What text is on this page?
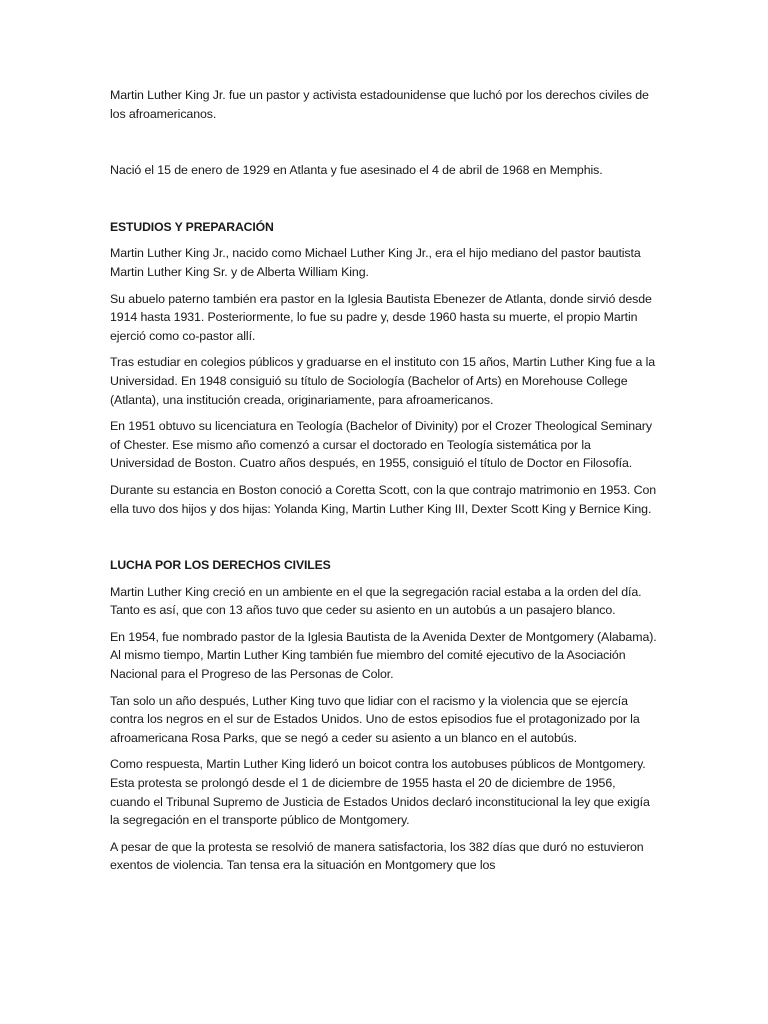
Martin Luther King Jr. fue un pastor y activista estadounidense que luchó por los derechos civiles de los afroamericanos.

Nació el 15 de enero de 1929 en Atlanta y fue asesinado el 4 de abril de 1968 en Memphis.

ESTUDIOS Y PREPARACIÓN

Martin Luther King Jr., nacido como Michael Luther King Jr., era el hijo mediano del pastor bautista Martin Luther King Sr. y de Alberta William King.

Su abuelo paterno también era pastor en la Iglesia Bautista Ebenezer de Atlanta, donde sirvió desde 1914 hasta 1931. Posteriormente, lo fue su padre y, desde 1960 hasta su muerte, el propio Martin ejerció como co-pastor allí.

Tras estudiar en colegios públicos y graduarse en el instituto con 15 años, Martin Luther King fue a la Universidad. En 1948 consiguió su título de Sociología (Bachelor of Arts) en Morehouse College (Atlanta), una institución creada, originariamente, para afroamericanos.

En 1951 obtuvo su licenciatura en Teología (Bachelor of Divinity) por el Crozer Theological Seminary of Chester. Ese mismo año comenzó a cursar el doctorado en Teología sistemática por la Universidad de Boston. Cuatro años después, en 1955, consiguió el título de Doctor en Filosofía.

Durante su estancia en Boston conoció a Coretta Scott, con la que contrajo matrimonio en 1953. Con ella tuvo dos hijos y dos hijas: Yolanda King, Martin Luther King III, Dexter Scott King y Bernice King.

LUCHA POR LOS DERECHOS CIVILES

Martin Luther King creció en un ambiente en el que la segregación racial estaba a la orden del día. Tanto es así, que con 13 años tuvo que ceder su asiento en un autobús a un pasajero blanco.

En 1954, fue nombrado pastor de la Iglesia Bautista de la Avenida Dexter de Montgomery (Alabama). Al mismo tiempo, Martin Luther King también fue miembro del comité ejecutivo de la Asociación Nacional para el Progreso de las Personas de Color.

Tan solo un año después, Luther King tuvo que lidiar con el racismo y la violencia que se ejercía contra los negros en el sur de Estados Unidos. Uno de estos episodios fue el protagonizado por la afroamericana Rosa Parks, que se negó a ceder su asiento a un blanco en el autobús.

Como respuesta, Martin Luther King lideró un boicot contra los autobuses públicos de Montgomery. Esta protesta se prolongó desde el 1 de diciembre de 1955 hasta el 20 de diciembre de 1956, cuando el Tribunal Supremo de Justicia de Estados Unidos declaró inconstitucional la ley que exigía la segregación en el transporte público de Montgomery.

A pesar de que la protesta se resolvió de manera satisfactoria, los 382 días que duró no estuvieron exentos de violencia. Tan tensa era la situación en Montgomery que los
